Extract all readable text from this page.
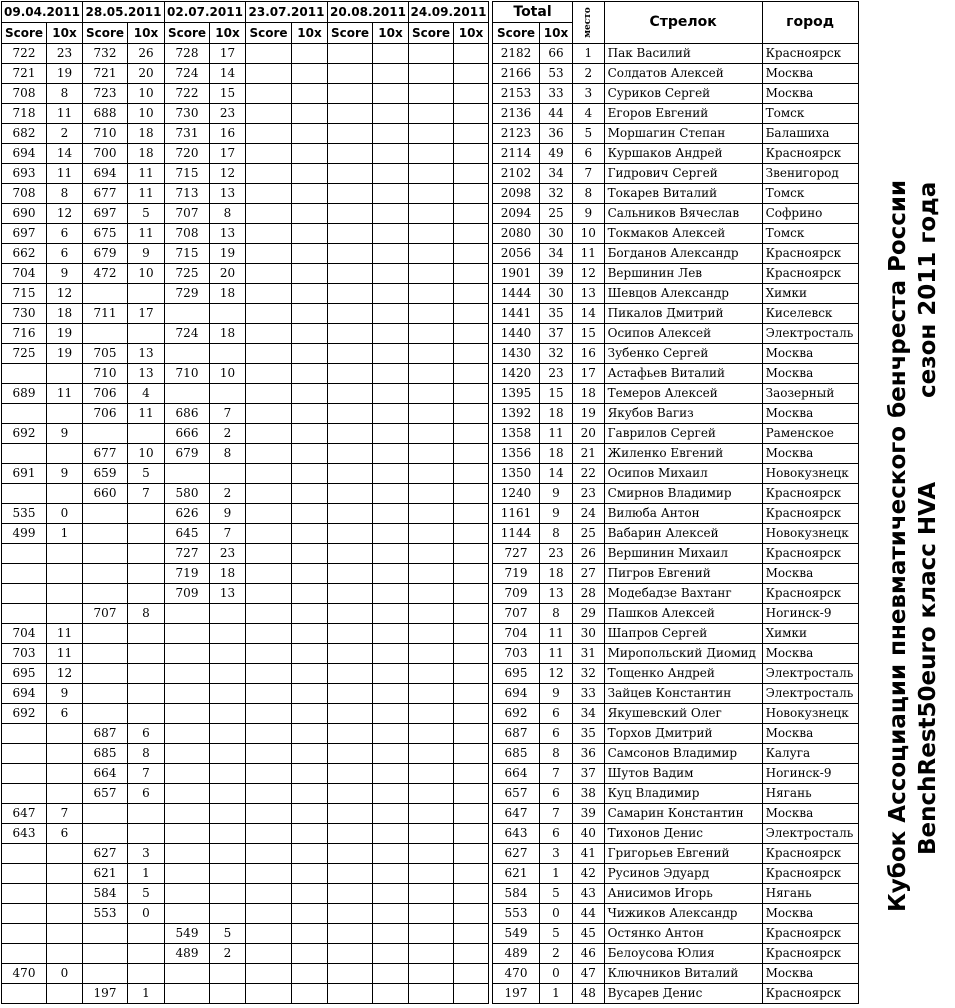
09.04.2011		28.05.2011		02.07.2011		23.07.2011		20.08.2011		24.09.2011			Total		место	Стрелок	город
Score	10x	Score	10x	Score	10x	Score	10x	Score	10x	Score	10x		Score	10x			
722	23	732	26	728	17								2182	66	1	Пак Василий	Красноярск
721	19	721	20	724	14								2166	53	2	Солдатов Алексей	Москва
708	8	723	10	722	15								2153	33	3	Суриков Сергей	Москва
718	11	688	10	730	23								2136	44	4	Егоров Евгений	Томск
682	2	710	18	731	16								2123	36	5	Моршагин Степан	Балашиха
694	14	700	18	720	17								2114	49	6	Куршаков Андрей	Красноярск
693	11	694	11	715	12								2102	34	7	Гидрович Сергей	Звенигород
708	8	677	11	713	13								2098	32	8	Токарев Виталий	Томск
690	12	697	5	707	8								2094	25	9	Сальников Вячеслав	Софрино
697	6	675	11	708	13								2080	30	10	Токмаков Алексей	Томск
662	6	679	9	715	19								2056	34	11	Богданов Александр	Красноярск
704	9	472	10	725	20								1901	39	12	Вершинин Лев	Красноярск
715	12			729	18								1444	30	13	Шевцов Александр	Химки
730	18	711	17										1441	35	14	Пикалов Дмитрий	Киселевск
716	19			724	18								1440	37	15	Осипов Алексей	Электросталь
725	19	705	13										1430	32	16	Зубенко Сергей	Москва
		710	13	710	10								1420	23	17	Астафьев Виталий	Москва
689	11	706	4										1395	15	18	Темеров Алексей	Заозерный
		706	11	686	7								1392	18	19	Якубов Вагиз	Москва
692	9			666	2								1358	11	20	Гаврилов Сергей	Раменское
		677	10	679	8								1356	18	21	Жиленко Евгений	Москва
691	9	659	5										1350	14	22	Осипов Михаил	Новокузнецк
		660	7	580	2								1240	9	23	Смирнов Владимир	Красноярск
535	0			626	9								1161	9	24	Вилюба Антон	Красноярск
499	1			645	7								1144	8	25	Вабарин Алексей	Новокузнецк
				727	23								727	23	26	Вершинин Михаил	Красноярск
				719	18								719	18	27	Пигров Евгений	Москва
				709	13								709	13	28	Модебадзе Вахтанг	Красноярск
		707	8										707	8	29	Пашков Алексей	Ногинск-9
704	11												704	11	30	Шапров Сергей	Химки
703	11												703	11	31	Миропольский Диомид	Москва
695	12												695	12	32	Тощенко Андрей	Электросталь
694	9												694	9	33	Зайцев Константин	Электросталь
692	6												692	6	34	Якушевский Олег	Новокузнецк
		687	6										687	6	35	Торхов Дмитрий	Москва
		685	8										685	8	36	Самсонов Владимир	Калуга
		664	7										664	7	37	Шутов Вадим	Ногинск-9
		657	6										657	6	38	Куц Владимир	Нягань
647	7												647	7	39	Самарин Константин	Москва
643	6												643	6	40	Тихонов Денис	Электросталь
		627	3										627	3	41	Григорьев Евгений	Красноярск
		621	1										621	1	42	Русинов Эдуард	Красноярск
		584	5										584	5	43	Анисимов Игорь	Нягань
		553	0										553	0	44	Чижиков Александр	Москва
				549	5								549	5	45	Остянко Антон	Красноярск
				489	2								489	2	46	Белоусова Юлия	Красноярск
470	0												470	0	47	Ключников Виталий	Москва
		197	1										197	1	48	Вусарев Денис	Красноярск
Кубок Ассоциации пневматического бенчреста России BenchRest50euro класс HVA
сезон 2011 года
